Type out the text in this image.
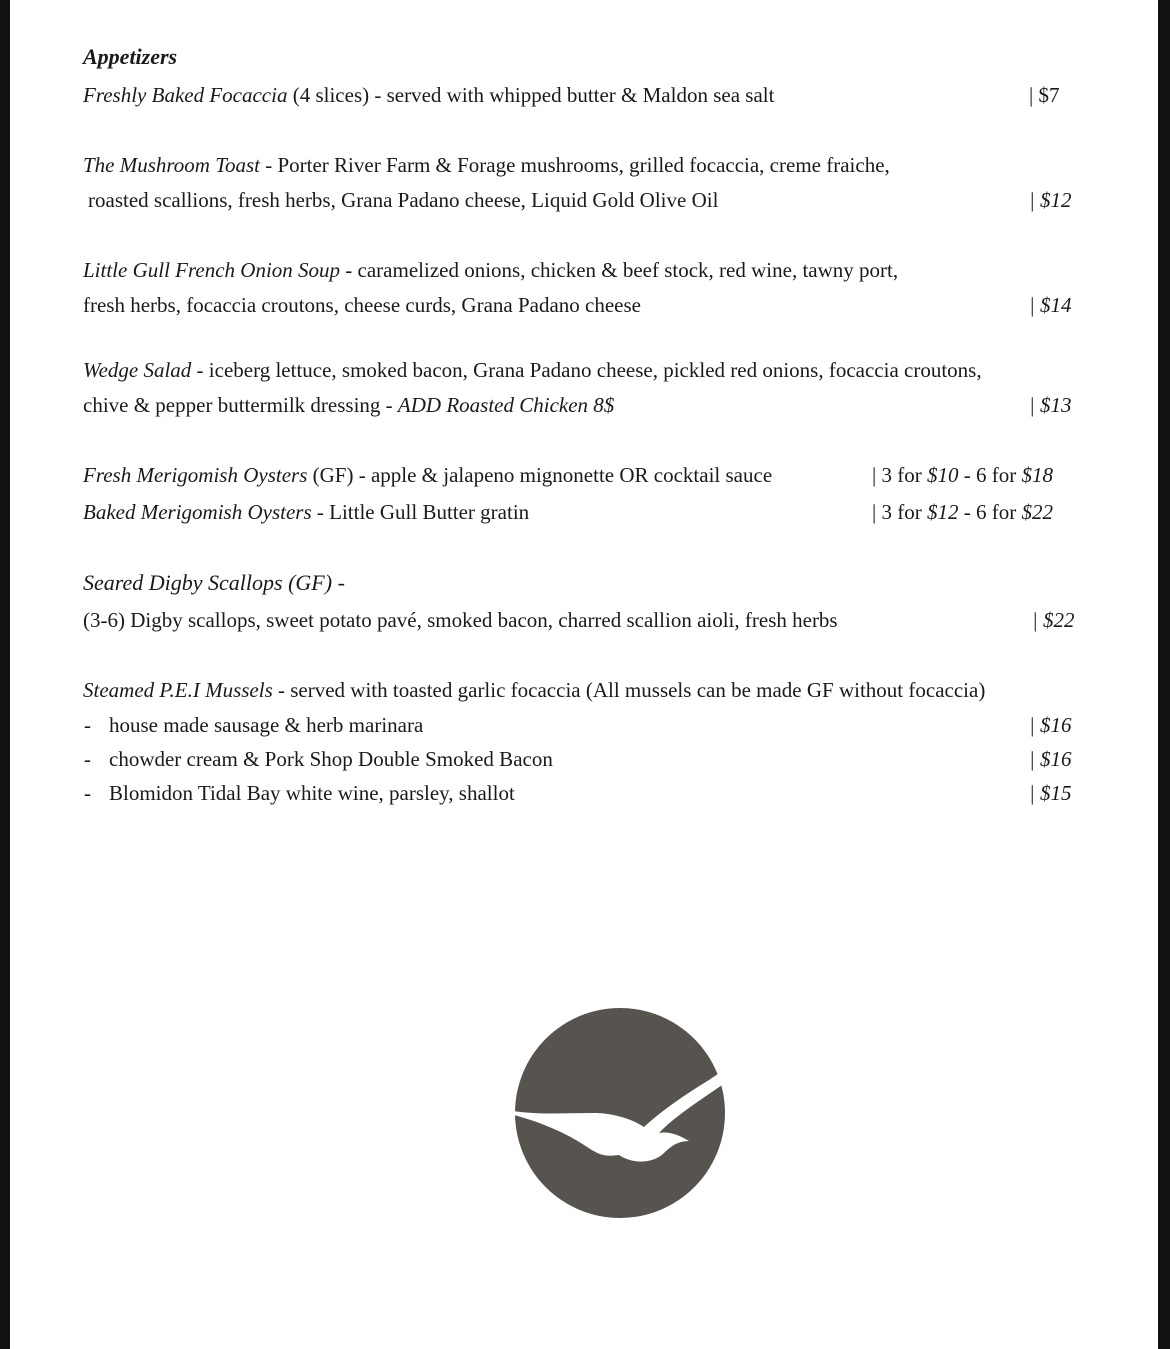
Appetizers
Freshly Baked Focaccia (4 slices) - served with whipped butter & Maldon sea salt	| $7
The Mushroom Toast - Porter River Farm & Forage mushrooms, grilled focaccia, creme fraiche,
roasted scallions, fresh herbs, Grana Padano cheese, Liquid Gold Olive Oil	| $12
Little Gull French Onion Soup - caramelized onions, chicken & beef stock, red wine, tawny port,
fresh herbs, focaccia croutons, cheese curds, Grana Padano cheese	| $14
Wedge Salad - iceberg lettuce, smoked bacon, Grana Padano cheese, pickled red onions, focaccia croutons,
chive & pepper buttermilk dressing - ADD Roasted Chicken 8$	| $13
Fresh Merigomish Oysters (GF) - apple & jalapeno mignonette OR cocktail sauce	| 3 for $10 - 6 for $18
Baked Merigomish Oysters - Little Gull Butter gratin	| 3 for $12 - 6 for $22
Seared Digby Scallops (GF) -
(3-6) Digby scallops, sweet potato pavé, smoked bacon, charred scallion aioli, fresh herbs	| $22
Steamed P.E.I Mussels - served with toasted garlic focaccia (All mussels can be made GF without focaccia)
- house made sausage & herb marinara	| $16
- chowder cream & Pork Shop Double Smoked Bacon	| $16
- Blomidon Tidal Bay white wine, parsley, shallot	| $15
